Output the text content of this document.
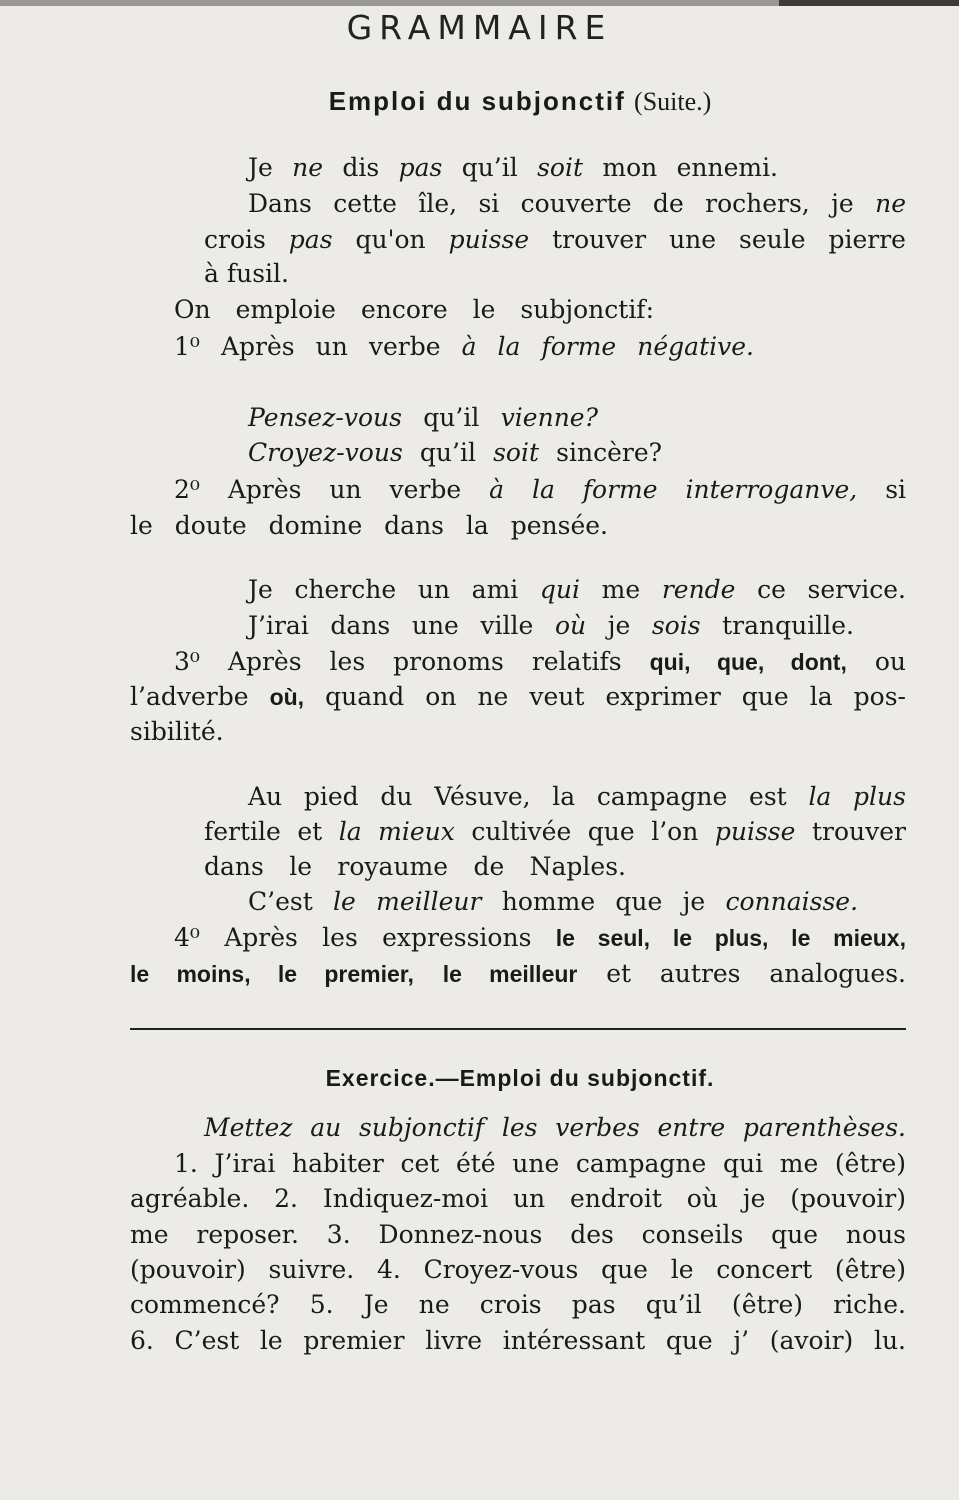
GRAMMAIRE
Emploi du subjonctif (Suite.)
Je ne dis pas qu’il soit mon ennemi.
Dans cette île, si couverte de rochers, je ne
crois pas qu'on puisse trouver une seule pierre
à fusil.
On emploie encore le subjonctif:
1⁰ Après un verbe à la forme négative.
Pensez-vous qu’il vienne?
Croyez-vous qu’il soit sincère?
2⁰ Après un verbe à la forme interroganve, si
le doute domine dans la pensée.
Je cherche un ami qui me rende ce service.
J’irai dans une ville où je sois tranquille.
3⁰ Après les pronoms relatifs qui, que, dont, ou
l’adverbe où, quand on ne veut exprimer que la pos-
sibilité.
Au pied du Vésuve, la campagne est la plus
fertile et la mieux cultivée que l’on puisse trouver
dans le royaume de Naples.
C’est le meilleur homme que je connaisse.
4⁰ Après les expressions le seul, le plus, le mieux,
le moins, le premier, le meilleur et autres analogues.
Exercice.—Emploi du subjonctif.
Mettez au subjonctif les verbes entre parenthèses.
1. J’irai habiter cet été une campagne qui me (être)
agréable. 2. Indiquez-moi un endroit où je (pouvoir)
me reposer. 3. Donnez-nous des conseils que nous
(pouvoir) suivre. 4. Croyez-vous que le concert (être)
commencé? 5. Je ne crois pas qu’il (être) riche.
6. C’est le premier livre intéressant que j’ (avoir) lu.
